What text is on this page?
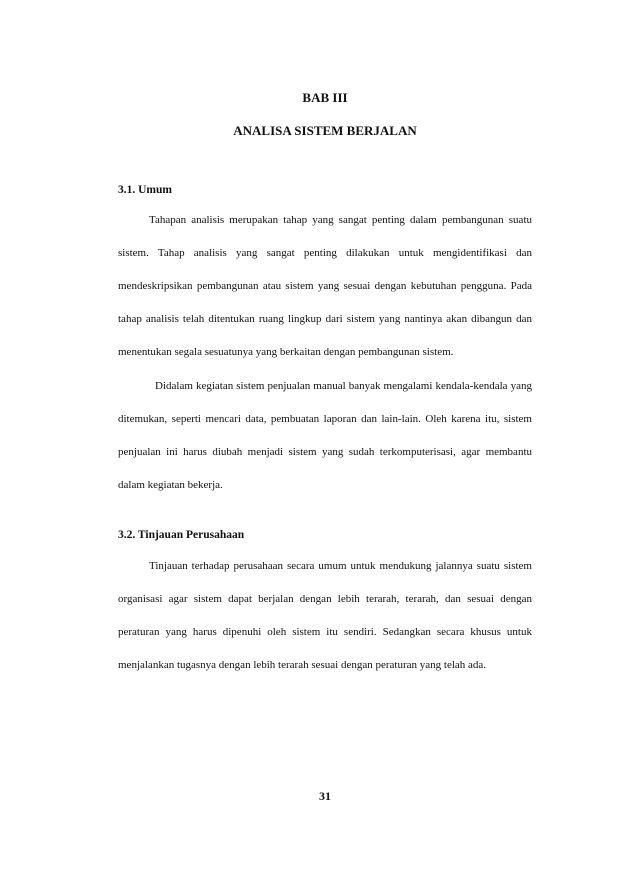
BAB III
ANALISA SISTEM BERJALAN
3.1. Umum

Tahapan analisis merupakan tahap yang sangat penting dalam pembangunan suatu sistem. Tahap analisis yang sangat penting dilakukan untuk mengidentifikasi dan mendeskripsikan pembangunan atau sistem yang sesuai dengan kebutuhan pengguna. Pada tahap analisis telah ditentukan ruang lingkup dari sistem yang nantinya akan dibangun dan menentukan segala sesuatunya yang berkaitan dengan pembangunan sistem.

Didalam kegiatan sistem penjualan manual banyak mengalami kendala-kendala yang ditemukan, seperti mencari data, pembuatan laporan dan lain-lain. Oleh karena itu, sistem penjualan ini harus diubah menjadi sistem yang sudah terkomputerisasi, agar membantu dalam kegiatan bekerja.

3.2. Tinjauan Perusahaan

Tinjauan terhadap perusahaan secara umum untuk mendukung jalannya suatu sistem organisasi agar sistem dapat berjalan dengan lebih terarah, terarah, dan sesuai dengan peraturan yang harus dipenuhi oleh sistem itu sendiri. Sedangkan secara khusus untuk menjalankan tugasnya dengan lebih terarah sesuai dengan peraturan yang telah ada.

31
